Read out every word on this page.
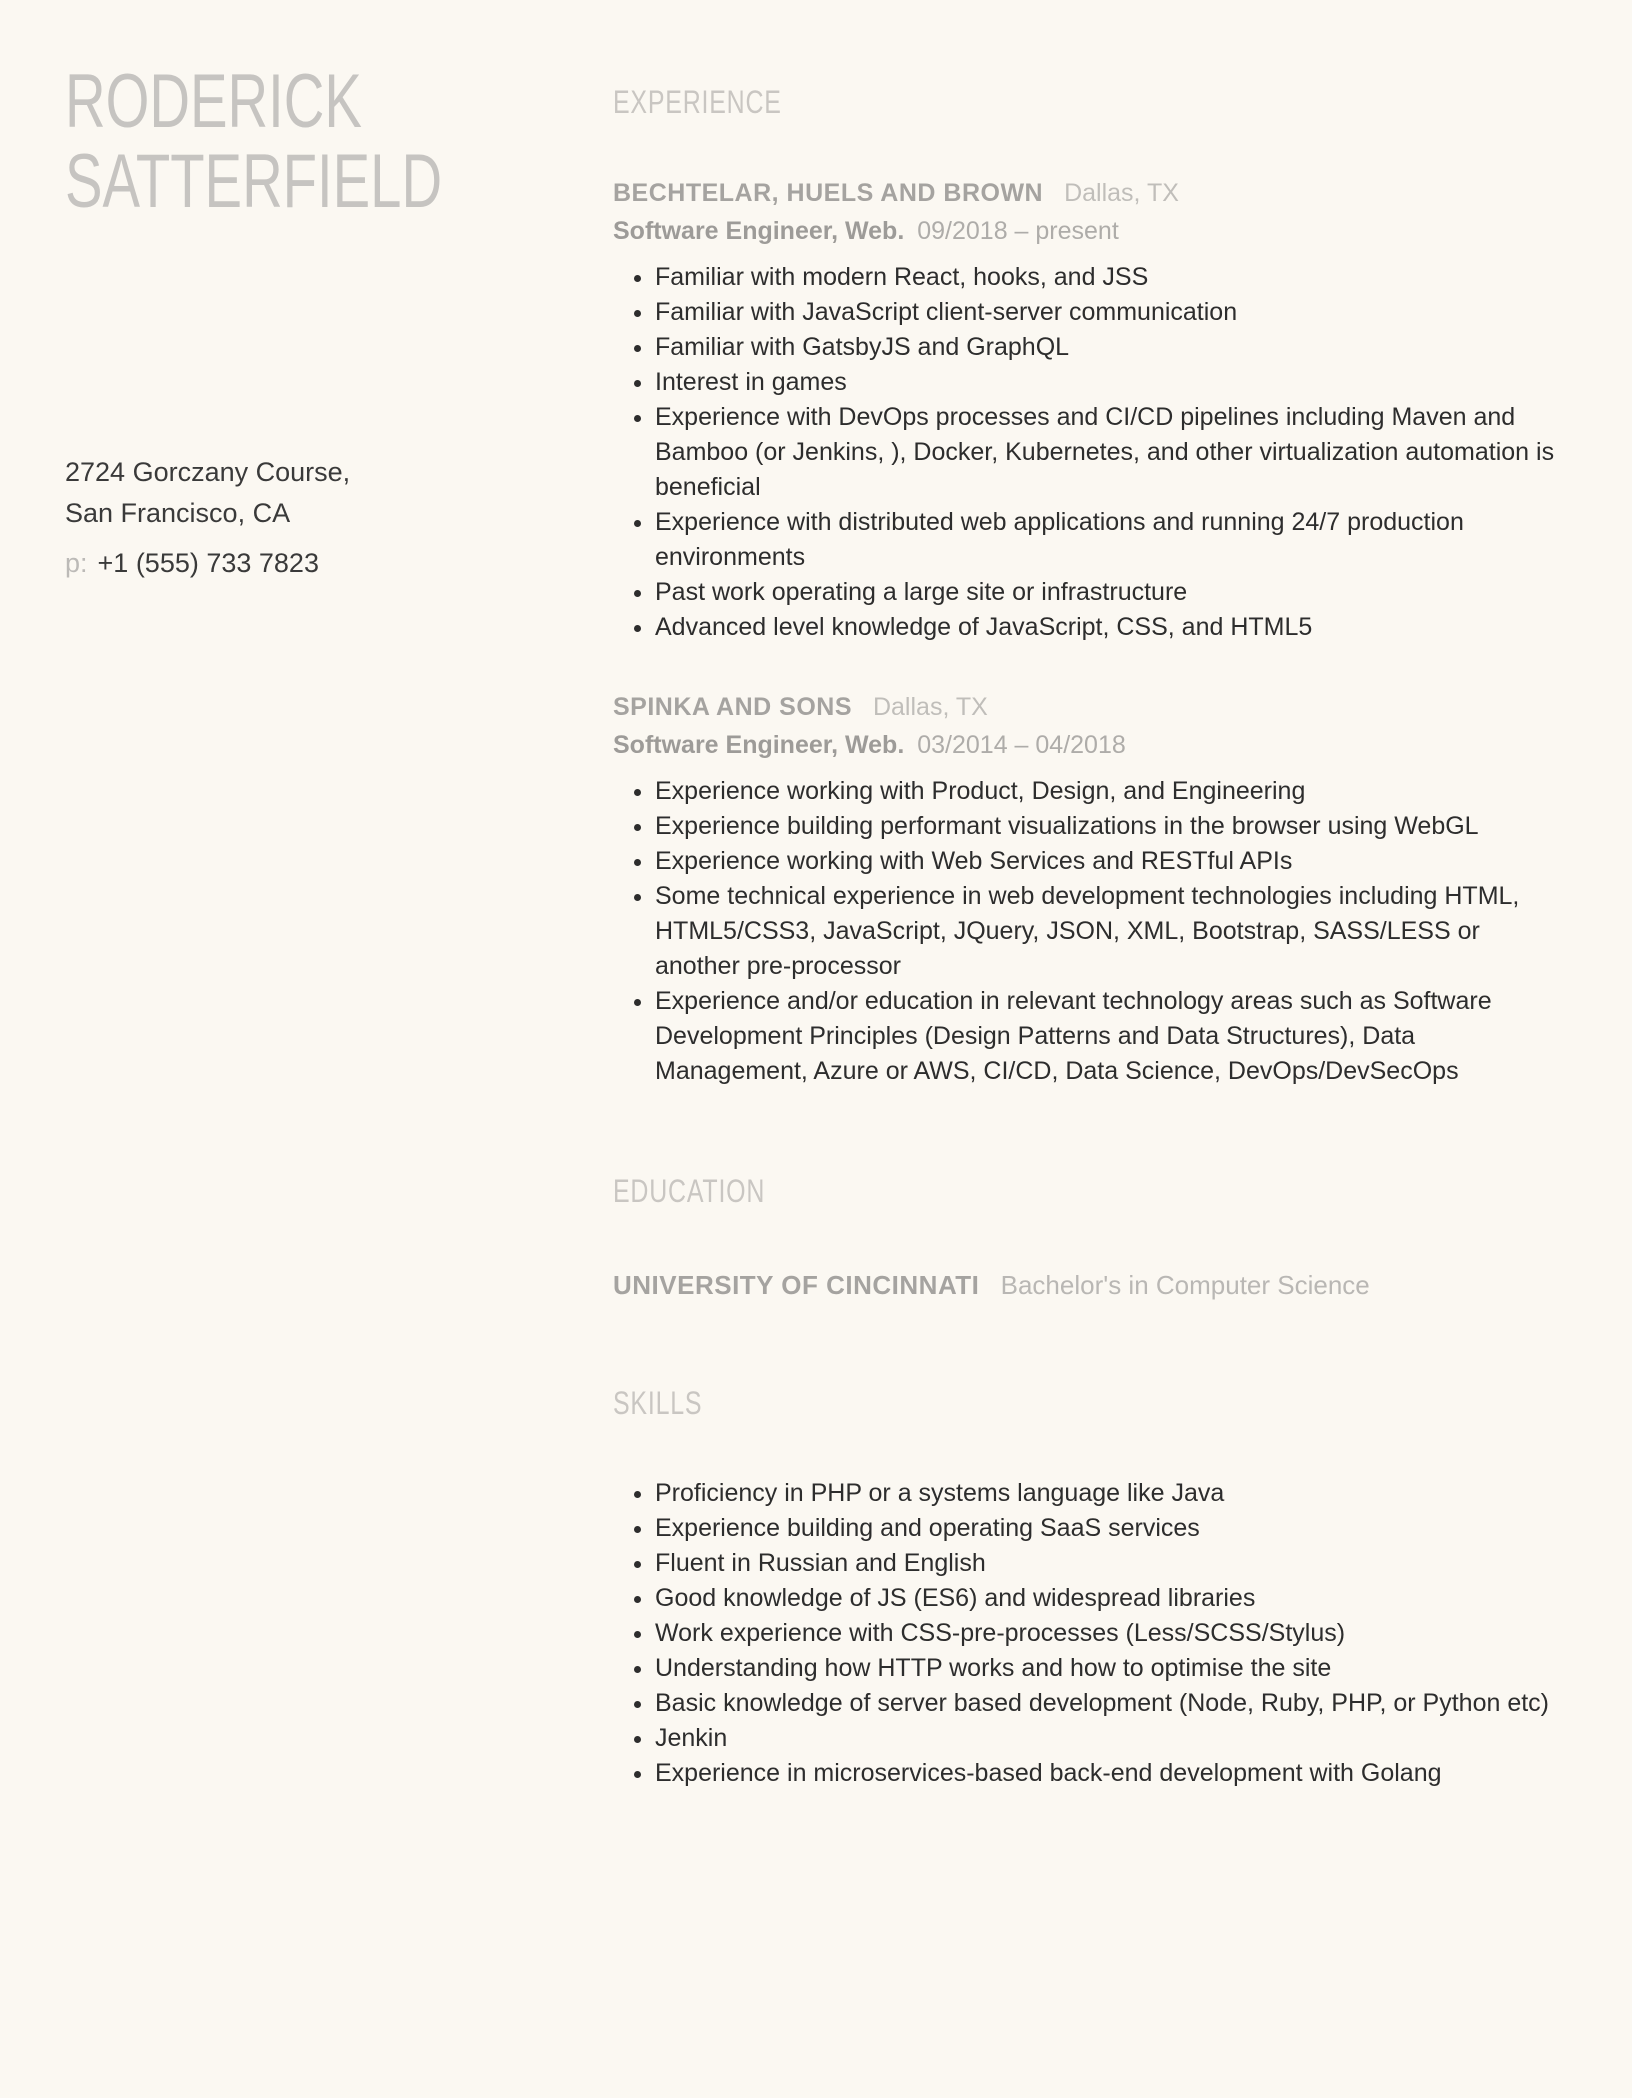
RODERICK
SATTERFIELD
2724 Gorczany Course,
San Francisco, CA
p: +1 (555) 733 7823
EXPERIENCE
BECHTELAR, HUELS AND BROWN Dallas, TX
Software Engineer, Web. 09/2018 – present
• Familiar with modern React, hooks, and JSS
• Familiar with JavaScript client-server communication
• Familiar with GatsbyJS and GraphQL
• Interest in games
• Experience with DevOps processes and CI/CD pipelines including Maven and Bamboo (or Jenkins, ), Docker, Kubernetes, and other virtualization automation is beneficial
• Experience with distributed web applications and running 24/7 production environments
• Past work operating a large site or infrastructure
• Advanced level knowledge of JavaScript, CSS, and HTML5
SPINKA AND SONS Dallas, TX
Software Engineer, Web. 03/2014 – 04/2018
• Experience working with Product, Design, and Engineering
• Experience building performant visualizations in the browser using WebGL
• Experience working with Web Services and RESTful APIs
• Some technical experience in web development technologies including HTML, HTML5/CSS3, JavaScript, JQuery, JSON, XML, Bootstrap, SASS/LESS or another pre-processor
• Experience and/or education in relevant technology areas such as Software Development Principles (Design Patterns and Data Structures), Data Management, Azure or AWS, CI/CD, Data Science, DevOps/DevSecOps
EDUCATION
UNIVERSITY OF CINCINNATI Bachelor's in Computer Science
SKILLS
• Proficiency in PHP or a systems language like Java
• Experience building and operating SaaS services
• Fluent in Russian and English
• Good knowledge of JS (ES6) and widespread libraries
• Work experience with CSS-pre-processes (Less/SCSS/Stylus)
• Understanding how HTTP works and how to optimise the site
• Basic knowledge of server based development (Node, Ruby, PHP, or Python etc)
• Jenkin
• Experience in microservices-based back-end development with Golang
